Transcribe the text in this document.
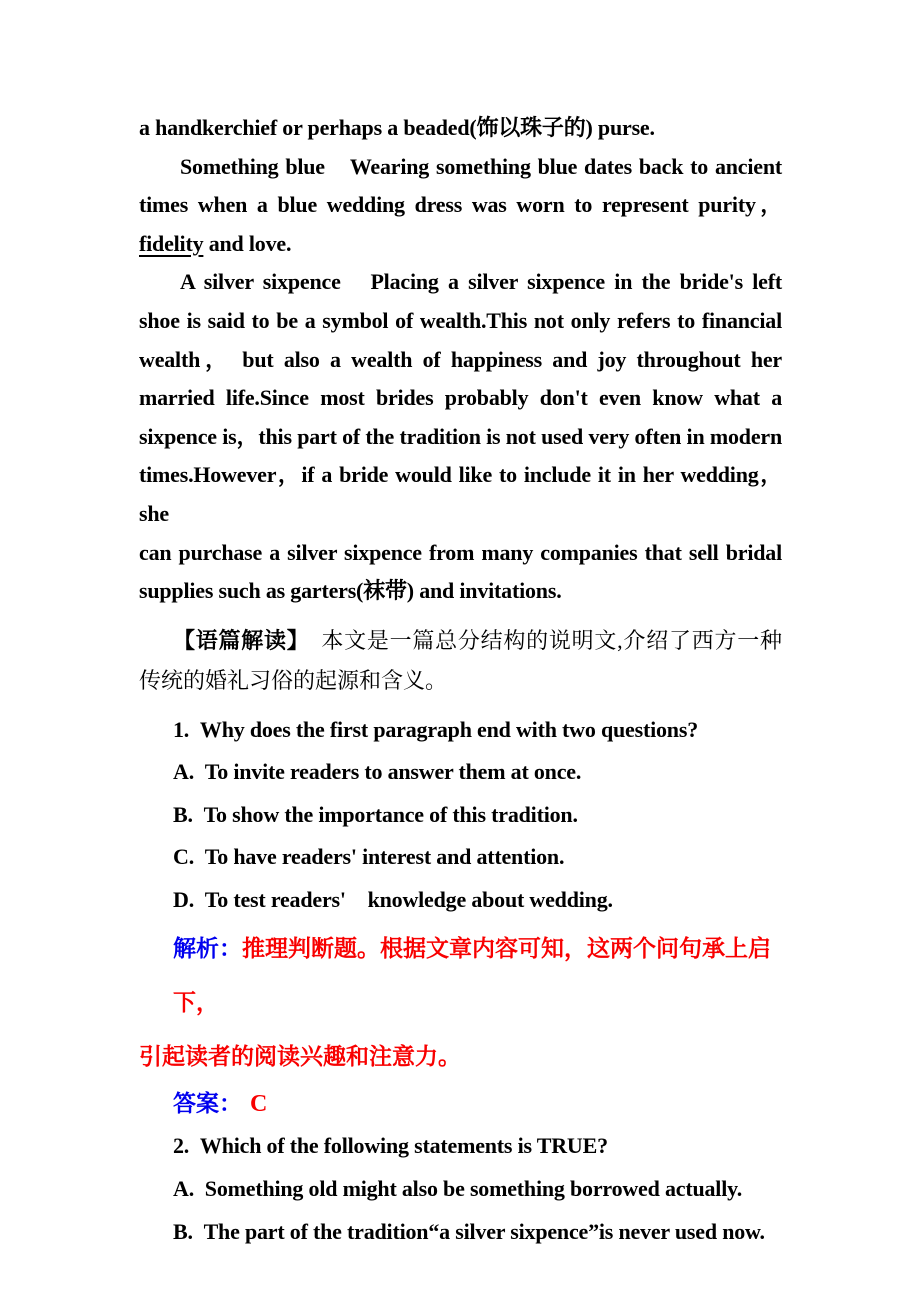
a handkerchief or perhaps a beaded(饰以珠子的) purse.
Something blue　Wearing something blue dates back to ancient
times when a blue wedding dress was worn to represent purity，
fidelity and love.
A silver sixpence　Placing a silver sixpence in the bride's left
shoe is said to be a symbol of wealth.This not only refers to financial
wealth， but also a wealth of happiness and joy throughout her
married life.Since most brides probably don't even know what a
sixpence is，this part of the tradition is not used very often in modern
times.However，if a bride would like to include it in her wedding，she
can purchase a silver sixpence from many companies that sell bridal
supplies such as garters(袜带) and invitations.
【语篇解读】　本文是一篇总分结构的说明文,介绍了西方一种
传统的婚礼习俗的起源和含义。
1. Why does the first paragraph end with two questions?
A. To invite readers to answer them at once.
B. To show the importance of this tradition.
C. To have readers' interest and attention.
D. To test readers'　knowledge about wedding.
解析：推理判断题。根据文章内容可知，这两个问句承上启下，
引起读者的阅读兴趣和注意力。
答案： C
2. Which of the following statements is TRUE?
A. Something old might also be something borrowed actually.
B. The part of the tradition“a silver sixpence”is never used now.
